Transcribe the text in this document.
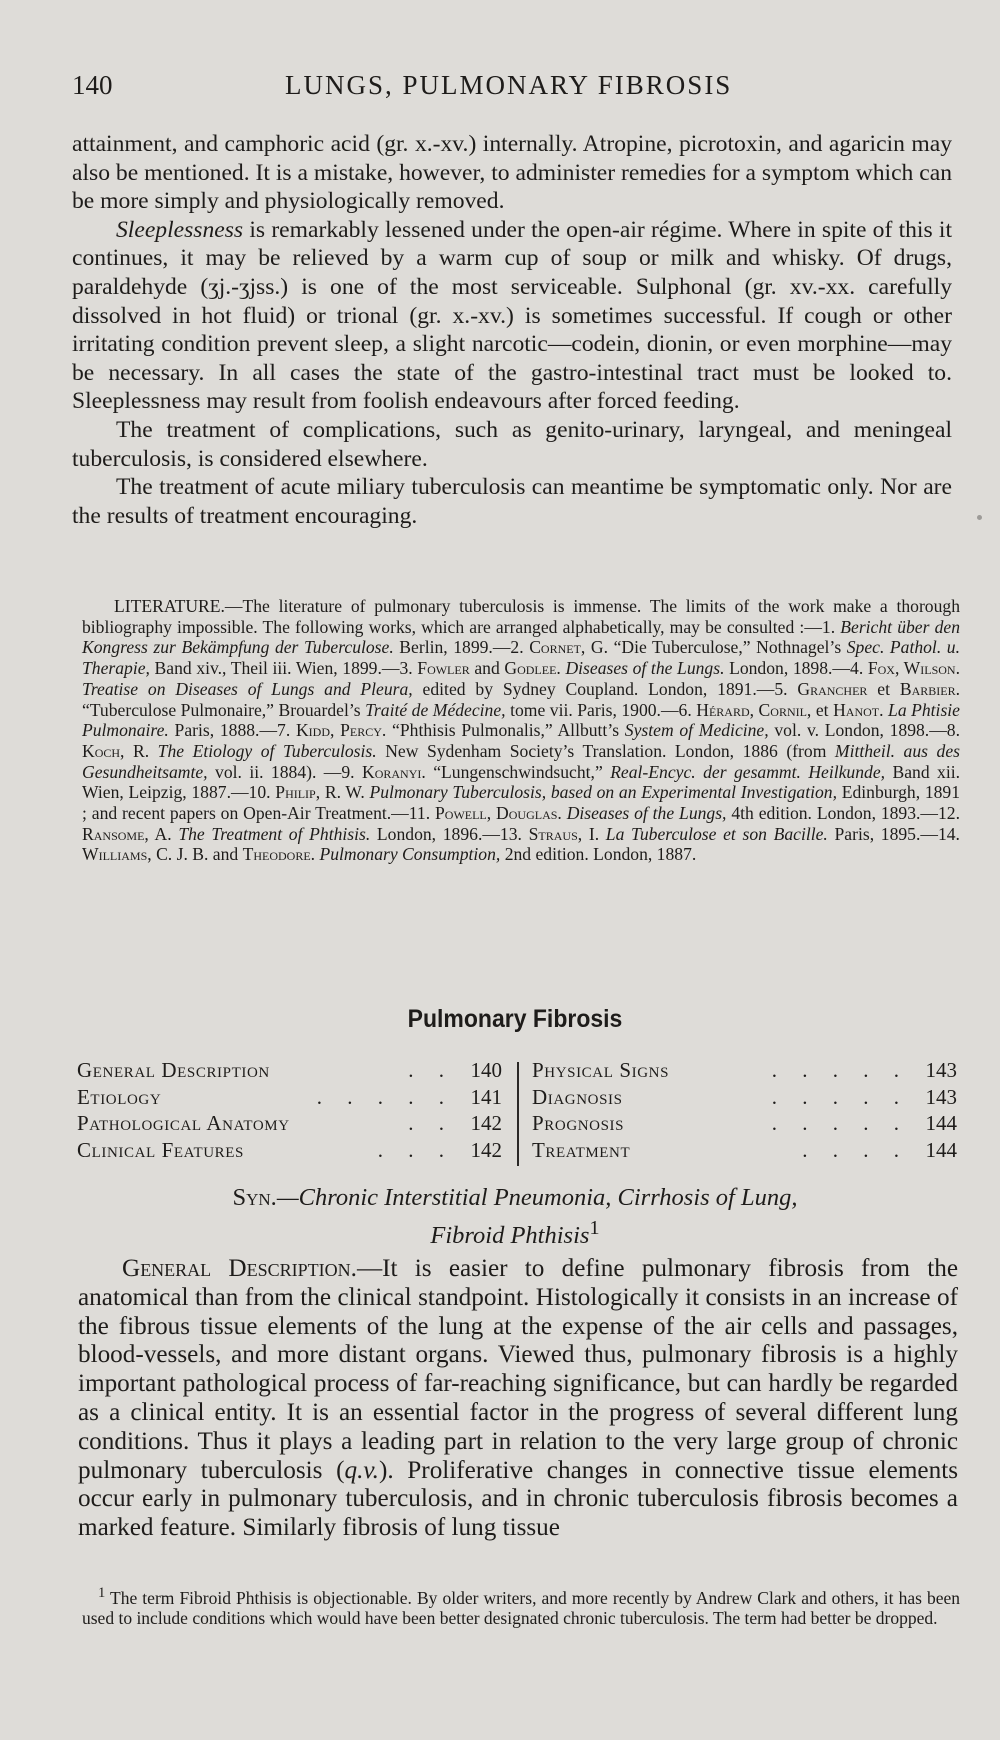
140	LUNGS, PULMONARY FIBROSIS

attainment, and camphoric acid (gr. x.-xv.) internally. Atropine, picrotoxin, and agaricin may also be mentioned. It is a mistake, however, to administer remedies for a symptom which can be more simply and physiologically removed.

Sleeplessness is remarkably lessened under the open-air régime. Where in spite of this it continues, it may be relieved by a warm cup of soup or milk and whisky. Of drugs, paraldehyde (ʒj.-ʒjss.) is one of the most serviceable. Sulphonal (gr. xv.-xx. carefully dissolved in hot fluid) or trional (gr. x.-xv.) is sometimes successful. If cough or other irritating condition prevent sleep, a slight narcotic—codein, dionin, or even morphine—may be necessary. In all cases the state of the gastro-intestinal tract must be looked to. Sleeplessness may result from foolish endeavours after forced feeding.

The treatment of complications, such as genito-urinary, laryngeal, and meningeal tuberculosis, is considered elsewhere.

The treatment of acute miliary tuberculosis can meantime be symptomatic only. Nor are the results of treatment encouraging.

LITERATURE.—The literature of pulmonary tuberculosis is immense. The limits of the work make a thorough bibliography impossible. The following works, which are arranged alphabetically, may be consulted :—1. Bericht über den Kongress zur Bekämpfung der Tuberculose. Berlin, 1899.—2. Cornet, G. “Die Tuberculose,” Nothnagel’s Spec. Pathol. u. Therapie, Band xiv., Theil iii. Wien, 1899.—3. Fowler and Godlee. Diseases of the Lungs. London, 1898.—4. Fox, Wilson. Treatise on Diseases of Lungs and Pleura, edited by Sydney Coupland. London, 1891.—5. Grancher et Barbier. “Tuberculose Pulmonaire,” Brouardel’s Traité de Médecine, tome vii. Paris, 1900.—6. Hérard, Cornil, et Hanot. La Phtisie Pulmonaire. Paris, 1888.—7. Kidd, Percy. “Phthisis Pulmonalis,” Allbutt’s System of Medicine, vol. v. London, 1898.—8. Koch, R. The Etiology of Tuberculosis. New Sydenham Society’s Translation. London, 1886 (from Mittheil. aus des Gesundheitsamte, vol. ii. 1884). —9. Koranyi. “Lungenschwindsucht,” Real-Encyc. der gesammt. Heilkunde, Band xii. Wien, Leipzig, 1887.—10. Philip, R. W. Pulmonary Tuberculosis, based on an Experimental Investigation, Edinburgh, 1891 ; and recent papers on Open-Air Treatment.—11. Powell, Douglas. Diseases of the Lungs, 4th edition. London, 1893.—12. Ransome, A. The Treatment of Phthisis. London, 1896.—13. Straus, I. La Tuberculose et son Bacille. Paris, 1895.—14. Williams, C. J. B. and Theodore. Pulmonary Consumption, 2nd edition. London, 1887.

Pulmonary Fibrosis
General Description	. . 140
Etiology	. . . . . 141
Pathological Anatomy	. . 142
Clinical Features	. . . 142
Physical Signs	. . . . . 143
Diagnosis	. . . . . 143
Prognosis	. . . . . 144
Treatment	. . . . 144
Syn.—Chronic Interstitial Pneumonia, Cirrhosis of Lung,
Fibroid Phthisis$^1$

General Description.—It is easier to define pulmonary fibrosis from the anatomical than from the clinical standpoint. Histologically it consists in an increase of the fibrous tissue elements of the lung at the expense of the air cells and passages, blood-vessels, and more distant organs. Viewed thus, pulmonary fibrosis is a highly important pathological process of far-reaching significance, but can hardly be regarded as a clinical entity. It is an essential factor in the progress of several different lung conditions. Thus it plays a leading part in relation to the very large group of chronic pulmonary tuberculosis (q.v.). Proliferative changes in connective tissue elements occur early in pulmonary tuberculosis, and in chronic tuberculosis fibrosis becomes a marked feature. Similarly fibrosis of lung tissue

$^1$ The term Fibroid Phthisis is objectionable. By older writers, and more recently by Andrew Clark and others, it has been used to include conditions which would have been better designated chronic tuberculosis. The term had better be dropped.
